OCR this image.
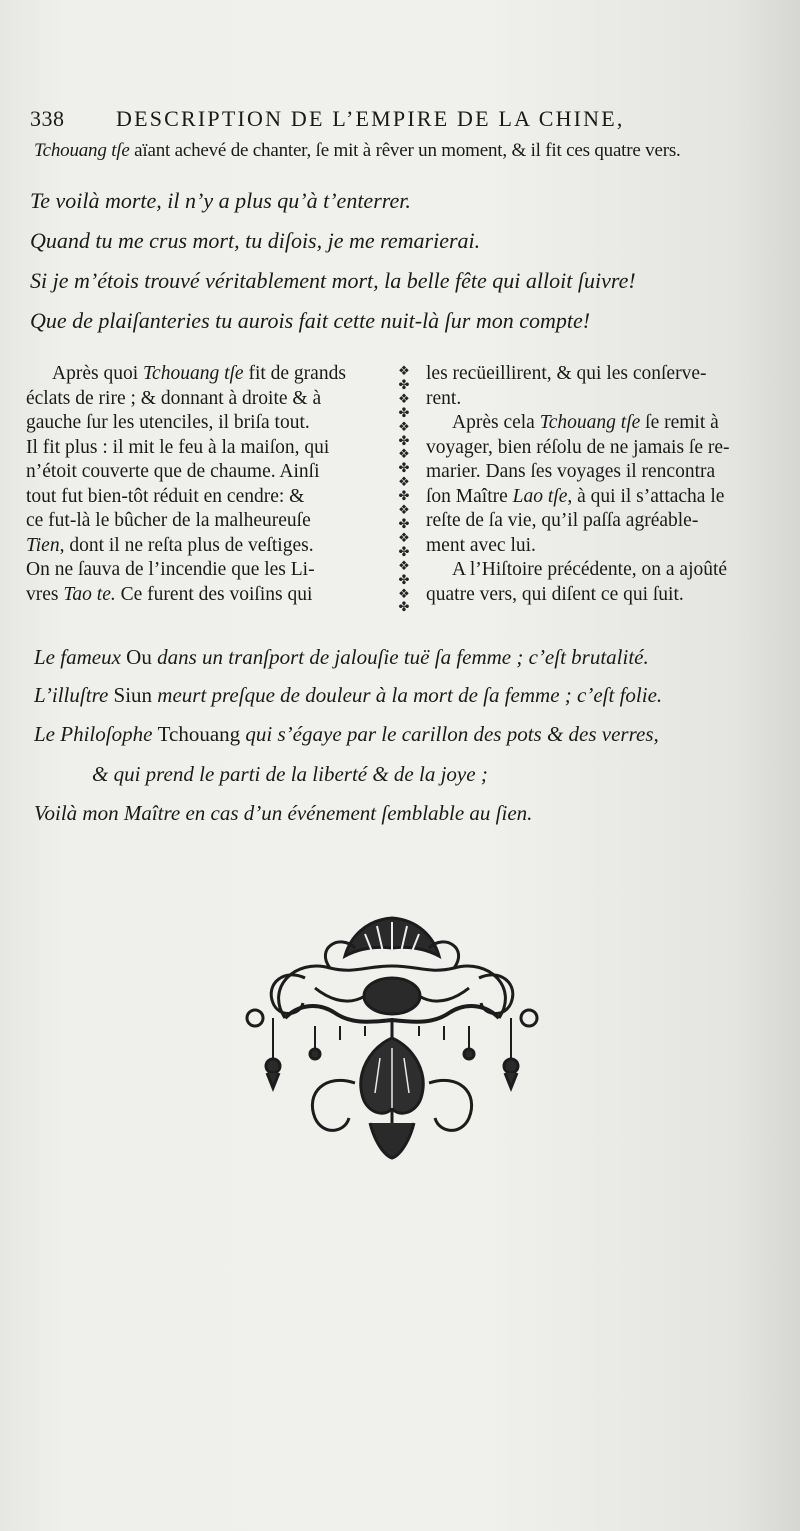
338 DESCRIPTION DE L’EMPIRE DE LA CHINE,
Tchouang tſe aïant achevé de chanter, ſe mit à rêver un moment, & il fit ces quatre vers.
Te voilà morte, il n’y a plus qu’à t’enterrer.
Quand tu me crus mort, tu diſois, je me remarierai.
Si je m’étois trouvé véritablement mort, la belle fête qui alloit ſuivre!
Que de plaiſanteries tu aurois fait cette nuit-là ſur mon compte!
Après quoi Tchouang tſe fit de grands
éclats de rire ; & donnant à droite & à
gauche ſur les utenciles, il briſa tout.
Il fit plus : il mit le feu à la maiſon, qui
n’étoit couverte que de chaume. Ainſi
tout fut bien-tôt réduit en cendre: &
ce fut-là le bûcher de la malheureuſe
Tien, dont il ne reſta plus de veſtiges.
On ne ſauva de l’incendie que les Li-
vres Tao te. Ce furent des voiſins qui
❖
✤
❖
✤
❖
✤
❖
✤
❖
✤
❖
✤
❖
✤
❖
✤
❖
✤
les recüeillirent, & qui les conſerve-
rent.
Après cela Tchouang tſe ſe remit à
voyager, bien réſolu de ne jamais ſe re-
marier. Dans ſes voyages il rencontra
ſon Maître Lao tſe, à qui il s’attacha le
reſte de ſa vie, qu’il paſſa agréable-
ment avec lui.
A l’Hiſtoire précédente, on a ajoûté
quatre vers, qui diſent ce qui ſuit.
Le fameux Ou dans un tranſport de jalouſie tuë ſa femme ; c’eſt brutalité.
L’illuſtre Siun meurt preſque de douleur à la mort de ſa femme ; c’eſt folie.
Le Philoſophe Tchouang qui s’égaye par le carillon des pots & des verres,
& qui prend le parti de la liberté & de la joye ;
Voilà mon Maître en cas d’un événement ſemblable au ſien.
